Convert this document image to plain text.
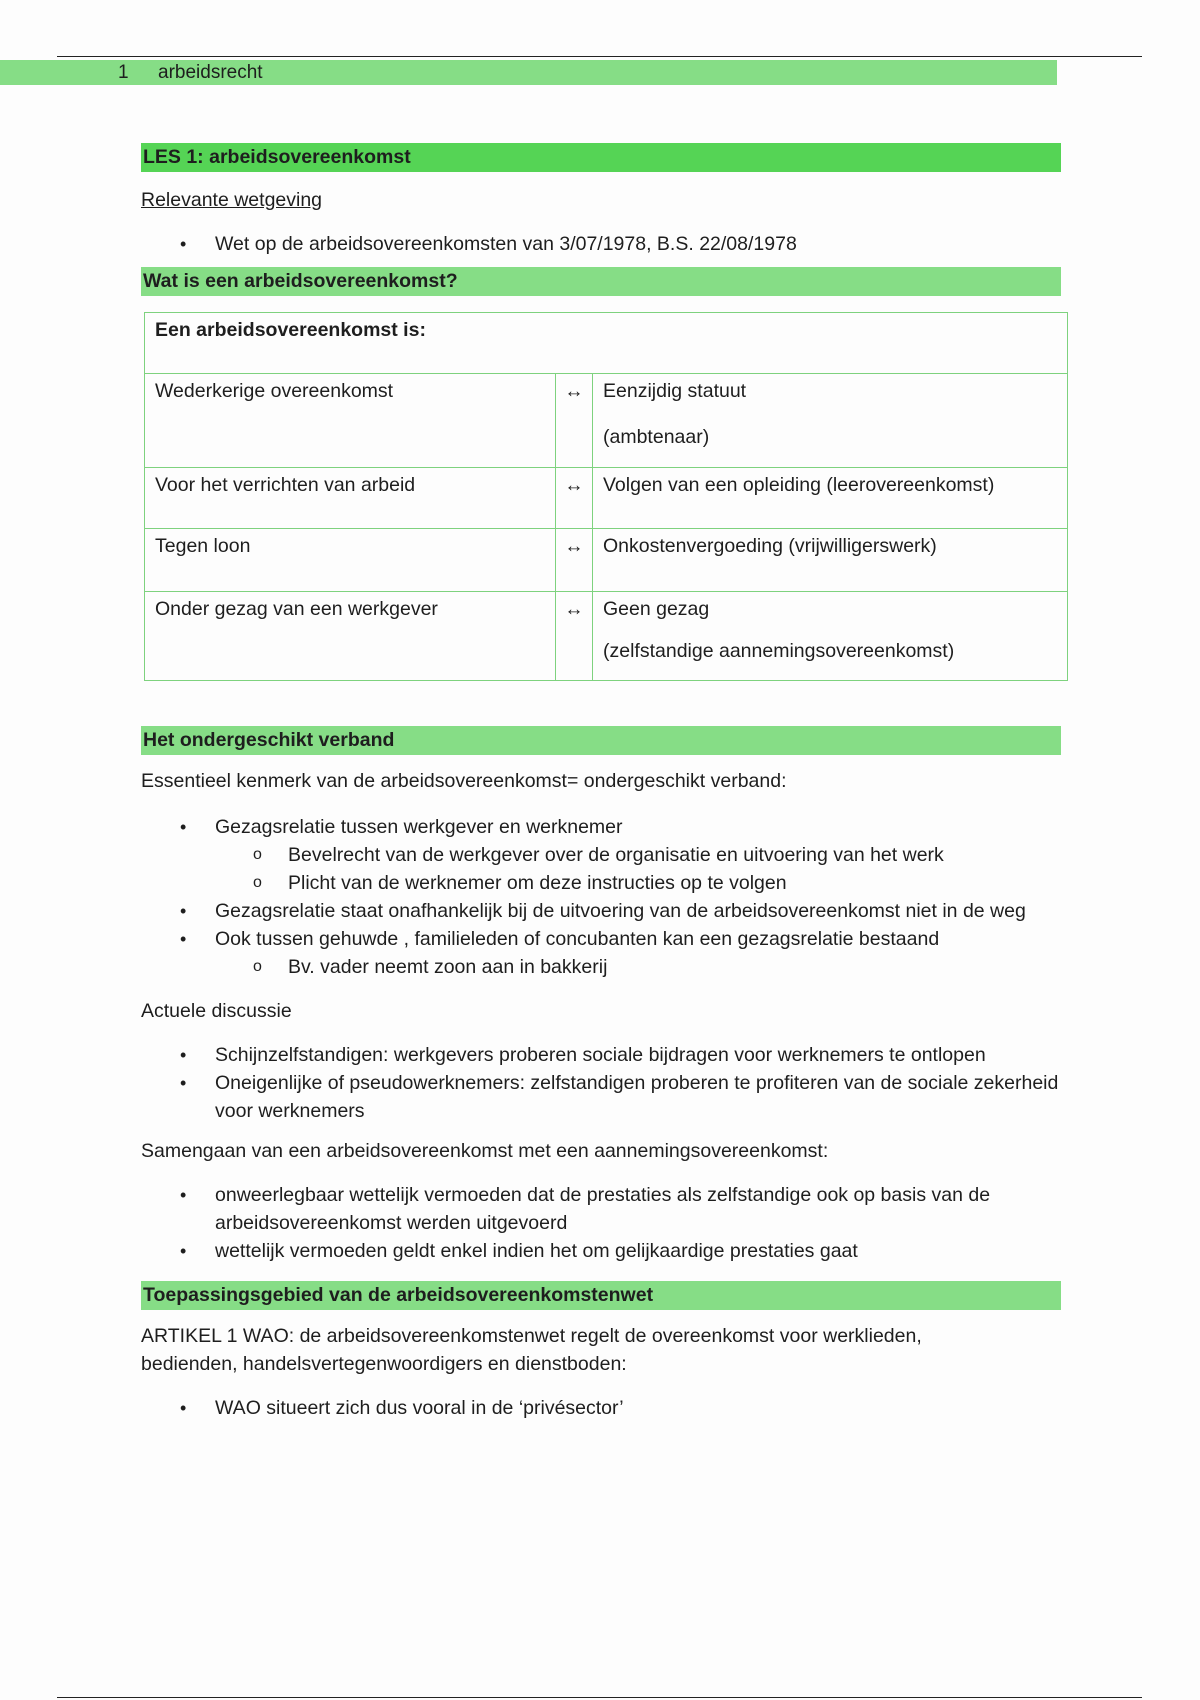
1 arbeidsrecht
LES 1: arbeidsovereenkomst

Relevante wetgeving

• Wet op de arbeidsovereenkomsten van 3/07/1978, B.S. 22/08/1978
Wat is een arbeidsovereenkomst?
Een arbeidsovereenkomst is:		
Wederkerige overeenkomst	↔	Eenzijdig statuut
(ambtenaar)

Voor het verrichten van arbeid	↔	Volgen van een opleiding (leerovereenkomst)
Tegen loon	↔	Onkostenvergoeding (vrijwilligerswerk)
Onder gezag van een werkgever	↔	Geen gezag
(zelfstandige aannemingsovereenkomst)
Het ondergeschikt verband

Essentieel kenmerk van de arbeidsovereenkomst= ondergeschikt verband:

• Gezagsrelatie tussen werkgever en werknemer
o Bevelrecht van de werkgever over de organisatie en uitvoering van het werk
o Plicht van de werknemer om deze instructies op te volgen
• Gezagsrelatie staat onafhankelijk bij de uitvoering van de arbeidsovereenkomst niet in de weg
• Ook tussen gehuwde , familieleden of concubanten kan een gezagsrelatie bestaand
o Bv. vader neemt zoon aan in bakkerij

Actuele discussie

• Schijnzelfstandigen: werkgevers proberen sociale bijdragen voor werknemers te ontlopen
• Oneigenlijke of pseudowerknemers: zelfstandigen proberen te profiteren van de sociale zekerheid voor werknemers

Samengaan van een arbeidsovereenkomst met een aannemingsovereenkomst:

• onweerlegbaar wettelijk vermoeden dat de prestaties als zelfstandige ook op basis van de arbeidsovereenkomst werden uitgevoerd
• wettelijk vermoeden geldt enkel indien het om gelijkaardige prestaties gaat
Toepassingsgebied van de arbeidsovereenkomstenwet

ARTIKEL 1 WAO: de arbeidsovereenkomstenwet regelt de overeenkomst voor werklieden, bedienden, handelsvertegenwoordigers en dienstboden:

• WAO situeert zich dus vooral in de ‘privésector’
